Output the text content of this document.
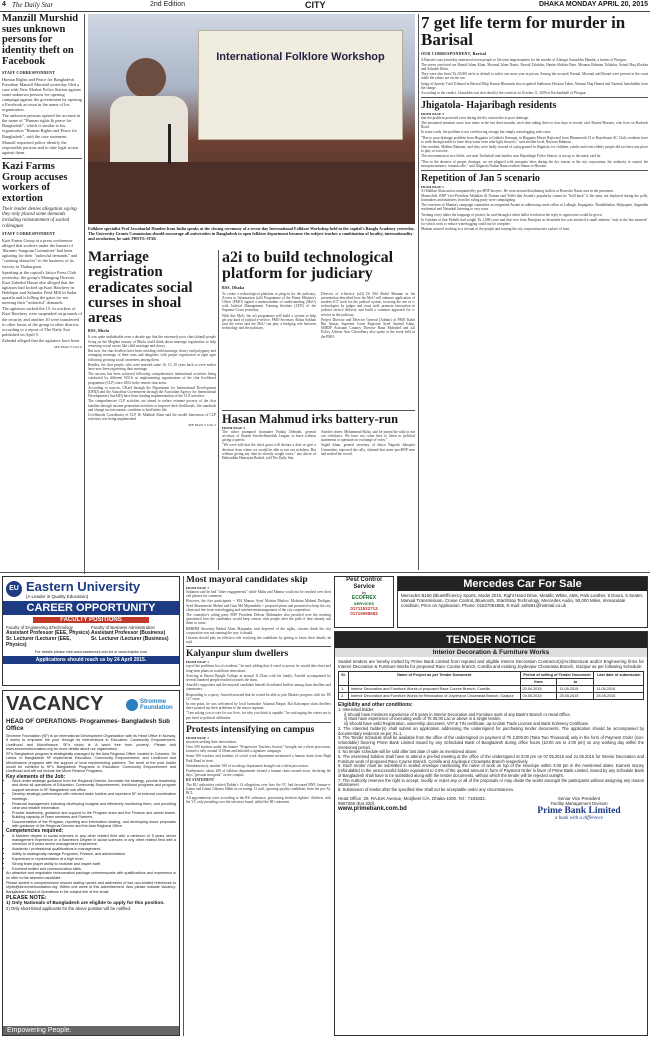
4 The Daily Star	2nd Edition	CITY	DHAKA MONDAY APRIL 20, 2015
Manzill Murshid sues unknown persons for identity theft on Facebook
STAFF CORRESPONDENT

Human Rights and Peace for Bangladesh President Manzill Murshid yesterday filed a case with New Market Police Station against some unknown persons for opening campaign against the government by opening a Facebook account in the name of his organisation.

The unknown persons opened the account in the name of "Human rights & peace for Bangladesh", which is similar to his organisation "Human Rights and Peace for Bangladesh", said the case statement.

Manzill requested police identify the responsible persons and to take legal action against them.

Kazi Farms Group accuses workers of extortion
Their leader denies allegation saying they only placed some demands including reinstatement of sacked colleagues
STAFF CORRESPONDENT

Kazi Farms Group at a press conference alleged that workers under the banner of 'Shramic Sangram Committee' had been agitating for their "unlawful demands" and "creating obstacles" to the business of its factory in Thakurgaon.

Speaking at the capital's Jatiyo Press Club yesterday, the group's Managing Director Kazi Zahedul Hasan also alleged that the agitators had locked up Kazi Hatchery in Habibpur and Salandor Feed Mill in Sadar upazila and is killing the gates for not meeting their "unlawful" demands.

The agitators sacked the 15, in workers of Kazi Hatchery were suspended on grounds of the security and another 10 were transferred to other farms of the group in other districts according to a report of The Daily Star published on April 5.

Zahedul alleged that the agitators have been

SEE PAGE 5 COL 6
International Folklore Workshop
Folklore specialist Prof Jawaharlal Handoo from India speaks at the closing ceremony of a seven-day International Folklore Workshop held in the capital's Bangla Academy yesterday. The University Grants Commission should encourage all universities in Bangladesh to open folklore department because the subject teaches a combination of locality, internationality and secularism, he said. PHOTO: STAR
Marriage registration eradicates social curses in shoal areas
BSS, Bhola

It was quite unthinkable even a decade ago that the extremely poor char (island) people living on the Meghna estuary of Bhola could think about marriage registration to help removing social curses like child marriage and dowry.

But now, the char dwellers have been avoiding child marriage, dowry and polygamy and arranging marriage of their sons and daughters with proper registration at right ages following growing social awareness among them.

Besides, the char people, who were married some 10, 15, 20 years back or even earlier have now been registering their marriage.

The success has been achieved following comprehensive institutional activities being conducted by different NGOs as implementing organisations of the char livelihood programme (CLP) since 2004 in the remote char areas.

According to sources, UKaid through the Department for International Development (DFID) and the Australian Government through the Australian Agency for International Development (AusAID) have been funding implementation of the CLP activities.

The comprehensive CLP activities are aimed to reduce extreme poverty of the char families through income generation activities to improve their livelihoods, life standards and change socioeconomic condition to lead better life.

Livelihoods Coordinator of CLP Dr Mahbub Alam said the model dimension of CLP activities was being implemented

SEE PAGE 5 COL 2
a2i to build technological platform for judiciary
BSS, Dhaka

To create a technological platform or plug-in for the judiciary, Access to Information (a2i) Programme of the Prime Minister's Office (PMO) signed a memorandum of understanding (MoU) with Judicial Management Training Institute (JATI) of the Supreme Court yesterday.

With this MoU, the a2i programme will build a system to help get any kind of judicial e-service. PMO Secretary Abdus Sobhan said the event said the MoU can play a bridging role between technology and the judiciary.

Director of e-Service (a2i) Dr Md Abdul Mannan in his presentation described how the MoU will enhance application of modern ICT tools for the judicial system, focusing the use of e-technologies by judges and court staff, promote innovation in judicial service delivery and build a common approach for e-service in the judiciary.

Project Director and Director General (Admin) of PMO Kabir Bin Anwar, Supreme Court Registrar Syed Aminul Islam, SIMDP Assistant Country Director Rana Mohshed and a2i Policy Adviser Anir Chowdhury also spoke at the event held in the PMO.

Hasan Mahmud irks battery-run
FROM PAGE 3

The ticket prompted lawmaker Pankaj Debnath, general secretary of Swarm Swechchhasebak League, to leave without giving a speech.

"We were told that the chief guest will declare a date or give a decision from where we would be able to run our rickshaw. But without giving any date he silently sought votes," one driver of Hafizuddin Humayun Rashid, told The Daily Star.

Another driver, Mohammad Rafiq, said he joined the rally to run our rickshaws. We have not come here to listen to political statements or questions in exchange of votes."

Sajjad Islam, general secretary of Jatiyo Nagorik Juktajeet Committee, expected the rally, claimed that some pro-BNP men had misled the crowd.

7 get life term for murder in Barisal
OUR CORRESPONDENT, Barisal

A Barisal court yesterday sentenced seven people to life term imprisonment for the murder of Alamgir Giasuddin Mandal, a farmer of Pirojpur.

The seven convicted are Hamid Islam Khan, Mozmul Islam Naziri, Rezaul Talukdar, Hanim Shikder Bam, Mizanur Rahman Talukdar, Azizul Huq Khokan and Sohrabh Khan.

They were also fined Tk 20,000 each, in default to suffer one more year in prison. Among the accused, Rezaul, Mozmul and Rezaul were present in the court while the others are on the run.

Judge of Speedy Trial Tribunal in Barisal Dilip Kumar Bhowmik also acquitted Sukhawar Hossain Tuhin, Nazmul Huq Hamid and Nazmul Jamaluddin from the charge.

According to the verdict, Giasuddin was shot dead by the convicts on October 11, 2009 at Kachuakhali of Pirojpur.

Jhigatola- Hajaribagh residents
FROM PAGE 3

that the problem persisted even during the dry season due to poor drainage.

The unwanted situation arose four times in the last three months, each time taking three to four days to recede, said Ahmed Hossain, who lives on Badruch Road.

In some roads, the problem is not overflowing sewage but simply waterlogging after rains.

"Due to poor drainage problem from Hogpatta to Gabtola Jheengat, in Hagpatta Moore Rajia and from Dhanmondi 15 to Rayerbazar AC Club, residents have to walk through ankle to knee deep water even after light showers," said another local, Rezwan Rahman.

One resident, Mahbur Rahman, said they were badly in need of a playground in Jhigatola, for children, youths and even elderly people did not have any place to play or exercise.

The environment at two fields, one near Tavlinhuff and another near Hajaribagh Police Station, is not up to the mark, said he.

"Due to the absence of proper drainage, we are plagued with mosquito bites during the dry season in the city corporation, the authority to control the mosquito menace, remains idle," said Jhigatola Nazim Rana resident Simon to Hossain.

Repetition of Jan 5 scenario
FROM PAGE 1

Al Mahbur Alam and accompanied by pro-BNP lawyers. He went around distributing leaflets at Bonoshri Nazar area in the pavement.

Meanwhile, BNP Vice-President Abdullah Al Noman said Yellel that Awami's popularity cannot be "held back" if the army not deployed during the polls, lawmakers and ministers from the ruling party were campaigning.

The convener of Mamin's campaign committee accompanied Awami in addressing street rallies in Lalbagh, Kopagaela, 'Shadabhadan, Shilpapani, Sugandha residential and Natunbal listening to very soon.

Terming every halter the language of protest, he said through a silent ballot revolution the reply to oppression would be given.

In Gulshan of that Mohilit had sought Tk 1,000 crore and that ever from Banijyan as Javardash but was attacked a small anteient "only at the last moment" for which work to reduce waterlogging could not be complete.

Mamun assured working as a servant of the people and turning the city corporation into a place of trust.

EU Eastern University
(A Leader in Quality Education)
CAREER OPPORTUNITY
FACULTY POSITIONS
Faculty of Engineering &Technology
Assistant Professor (EEE, Physics)
Sr. Lecturer /Lecturer (EEE, Physics)
Faculty of Business Administration
Assistant Professor (Business)
Sr. Lecturer /Lecturer (Business)
For details please visit www.easternuni.edu.bd or www.bdjobs.com
Applications should reach us by 24 April 2015.
VACANCY	Stromme Foundation
HEAD OF OPERATIONS- Programmes- Bangladesh Sub Office

Stromme Foundation (SF) is an International Development Organization with its Head Office in Norway. It seeks to empower the poor through its interventions in Education, Community Empowerment, Livelihood and Microfinance. SF's vision is 'A world free from poverty'. Please visit www.strommefoundation.org for more details about our organisation.

SF's Bangladesh program is strategically managed by the Asia Regional Office, located in Colombo, Sri Lanka. In Bangladesh SF implements Education, Community Empowerment, and Livelihood and Microfinance programs with the support of local implementing partners. The remit of the post holder would be confined to SF's Bangladesh Programs in Education, Community Empowerment and Livelihood and will not include the Micro Finance Programs.

Key elements of the Job:
• Work under strategic guidance from the Regional Director, formulate the strategy, provide leadership and direct all operations of Education, Community Empowerment, livelihood programs and program support services in SF Bangladesh sub office.
• Develop strategic partnerships with relevant stake holders and represent SF at external coordination meetings.
• Financial management including developing budgets and effectively monitoring them, and providing clear and reliable information.
• Provide leadership, guidance and support to the Program team and the Finance and admin teams. Building capacity of Team members and Partners.
• Documentation of the Program, reporting and information sharing, and developing donor proposals with guidance of the Regional Director and the Asia Regional Office.
Competencies required:
• A Masters degree in social sciences or any other related field with a minimum of 5 years senior management experience or a Bachelors Degree in social sciences or any other related field with a minimum of 8 years senior management experience.
• Academic / professional qualifications in management.
• Ability to strategically manage Programs, Finance, and administration.
• Experience in representation at a high level.
• Strong team player ability to motivate and inspire staff.
• Excellent written and communication skills.

An attractive and negotiable remuneration package commensurate with qualifications and experience is on offer to the selected candidate.

Please submit a comprehensive resume stating names and addresses of two non-related references to sfjobs@strommefoundation.org. Within one week of this advertisement. Also please indicate Vacancy: Bangladesh-Head of Operations in the subject line of the email.

PLEASE NOTE:
1) Only Nationals of Bangladesh are eligible to apply for this position.
2) Only short-listed applicants for the above position will be notified.
Empowering People.
Most mayoral candidates skip
FROM PAGE 1

Sultanan said he had "other engagements" while Maliu and Mamur could not be reached over their cell phones for comment.

However, the five participants -- MA Manan, Syed Mohsin Bhalow, Mohsinn Mahmd Dudigan, Syed Sharmenche Mehed and Gazi Md Mijanuddin -- proposed plans and promised to keep the city clean and free from waterlogging and extreme mismanagement of the city corporation.

The counselor's ruling party BNP President Delwar Mahmadee also presided over the meeting questioned how the candidates would keep contact with people after the polls if they already ask them to come.

BRHHM Secretary Badiul Alam Majumdar said deprived of the rights, citizens think the city corporation was not running the way it should.

Citizens should play an effective role verifying the candidates by getting to know their details, he said.

Kalyanpur slum dwellers
FROM PAGE 1

top of the problems list of residents," he said, adding that if voted to power, he would take short and long-term plans on road/drain renovation.

Arriving at Hazrat Bangla College at around 11.35am with his family, Amrold accompanied by several hundred people reached towards the slum.

Amrold's supporters and the mayoral candidate himself distributed leaflets among slum dwellers and commuters.

Responding to a query, Amrold asserted that he would be able to join Dhaka's progress with his TK 117 crore.

In one point, he was welcomed by local lawmaker Aslamul Haque. But Kalyanpur slum dwellers there pointed out their problems to the mayor aspirant.

"I am asking you to care for our lives, for why you think is capable," he said urging the voters not to pay heed to political affiliation.

Protests intensifying on campus
FROM PAGE 1

situation seeking their intervention.

Over 500 teachers under the banner "Progressive Teachers Society" brought out a silent procession, formed a rally around 11.00am and initiated a signature campaign.

Some 500 teachers and students of social work department mentioned a human chain from Bagh Park Road in front.

Simultaneously, another 350 of sociology department brought out a silent procession.

Furthermore, about 200 of folklore department formed a human chain around noon, declaring the days "persona incognita" on the campus.

RU STATEMENT

The RU authorities refuted Dabbu's 14 allegations over how the VC had favoured BNP, Jamaat-e-Islami and Islami Chhatra Shibir in recruiting 13 staff, ignoring quality candidates from the pro-AL BCL.

All appointments were according to the RU ordinance, prioritising freedom fighters' children, with the VC only presiding over the selection board, added the RU statement.

Pest Control Service
by
ECOFREX
SERVICES
01711522713
01715598683
Mercedes Car For Sale
Mercedes B160 (BlueEfficiency Sports, Model 2010, Right Hand Drive, Metallic White, ABS, Park Leather, 5 Doors, 5 Seater, Manual Transmission, Cruise Control, Bluetooth, Start/Stop Technology, Mercedes Audio, 50,000 Miles, Immaculate condition, Price on Application. Phone: 01627054585, E-mail: ash591@hotmail.co.uk
TENDER NOTICE
Interior Decoration & Furniture Works
Sealed tenders are hereby invited by Prime Bank Limited from reputed and eligible Interior Decoration Contractor(s)/Architectural and/or Engineering firms for Interior Decoration & Furniture Works for proposed Race Course branch, Comilla and existing Joydevpur Chowrasta Branch, Gazipur as per following Schedule:
SI.	Name of Project as per Tender Document	Period of selling of Tender Document		Last date of submission
		from	to	
1.	Interior Decoration and Furniture Works of proposed Race Course Branch, Comilla.	20.04.2015	11.05.2015	11.05.2015
2.	Interior Decoration and Furniture Works for Renovation of Joydevpur Chowrasta Branch, Gazipur	04.05.2015	25.05.2015	25.05.2015
Eligibility and other conditions:
1. Interested bidder:
i) Should have minimum experience of 5 years in Interior Decoration and Furniture work of any Bank's Branch or Head Office.
ii) Must have experience of executing work of Tk 35.00 Lac or above in a single tender.
iii) Should have valid Registration, ownership document, VAT & TIN certificate, up-to-date Trade License and Bank Solvency Certificate.
2. The intended bidder(s) shall submit an application addressing the undersigned for purchasing tender documents. The application should be accompanied by documentary evidence as per SL.1.
3. The Tender Schedule shall be available from the office of the undersigned on payment of Tk 2,000.00 (Taka Two Thousand) only in the form of Payment Order (non-refundable) favoring Prime Bank Limited issued by any Scheduled Bank of Bangladesh during office hours (10:00 am to 4:00 pm) on any working day within the mentioned period.
4. No tender schedule will be sold after last date of sale as mentioned above.
5. The interested bidders shall have to attend a pre-bid meeting at the office of the undersigned at 3:00 pm on 07.05.2015 and 21.05.2015 for Interior Decoration and Furniture work of proposed Race Course Branch, Comilla and Joydevpur Chowrasta Branch respectively.
6. Each tender must be submitted in sealed envelope mentioning the name of work on top of the envelope within 3.00 pm in the mentioned dates. Earnest money (refundable) to the unsuccessful bidder equivalent to 2.5% of the quoted amount in form of Payment Order in favor of Prime Bank Limited, issued by any Schedule Bank of Bangladesh shall have to be submitted along with the tender documents, without which the tender will be rejected outright.
7. The Authority reserves the right to accept, modify or reject any or all of the proposals or may divide the works amongst the participants without assigning any reason whatsoever.
8. Submission of tender after the specified time shall not be acceptable under any circumstances.
Head Office, 29, RAJUK Avenue, Motijheel C/A, Dhaka-1000. Tel : 7181832, 9567265 (Ext.320)
www.primebank.com.bd
Senior Vice President
Facility Management Division
Prime Bank Limited
a bank with a difference
